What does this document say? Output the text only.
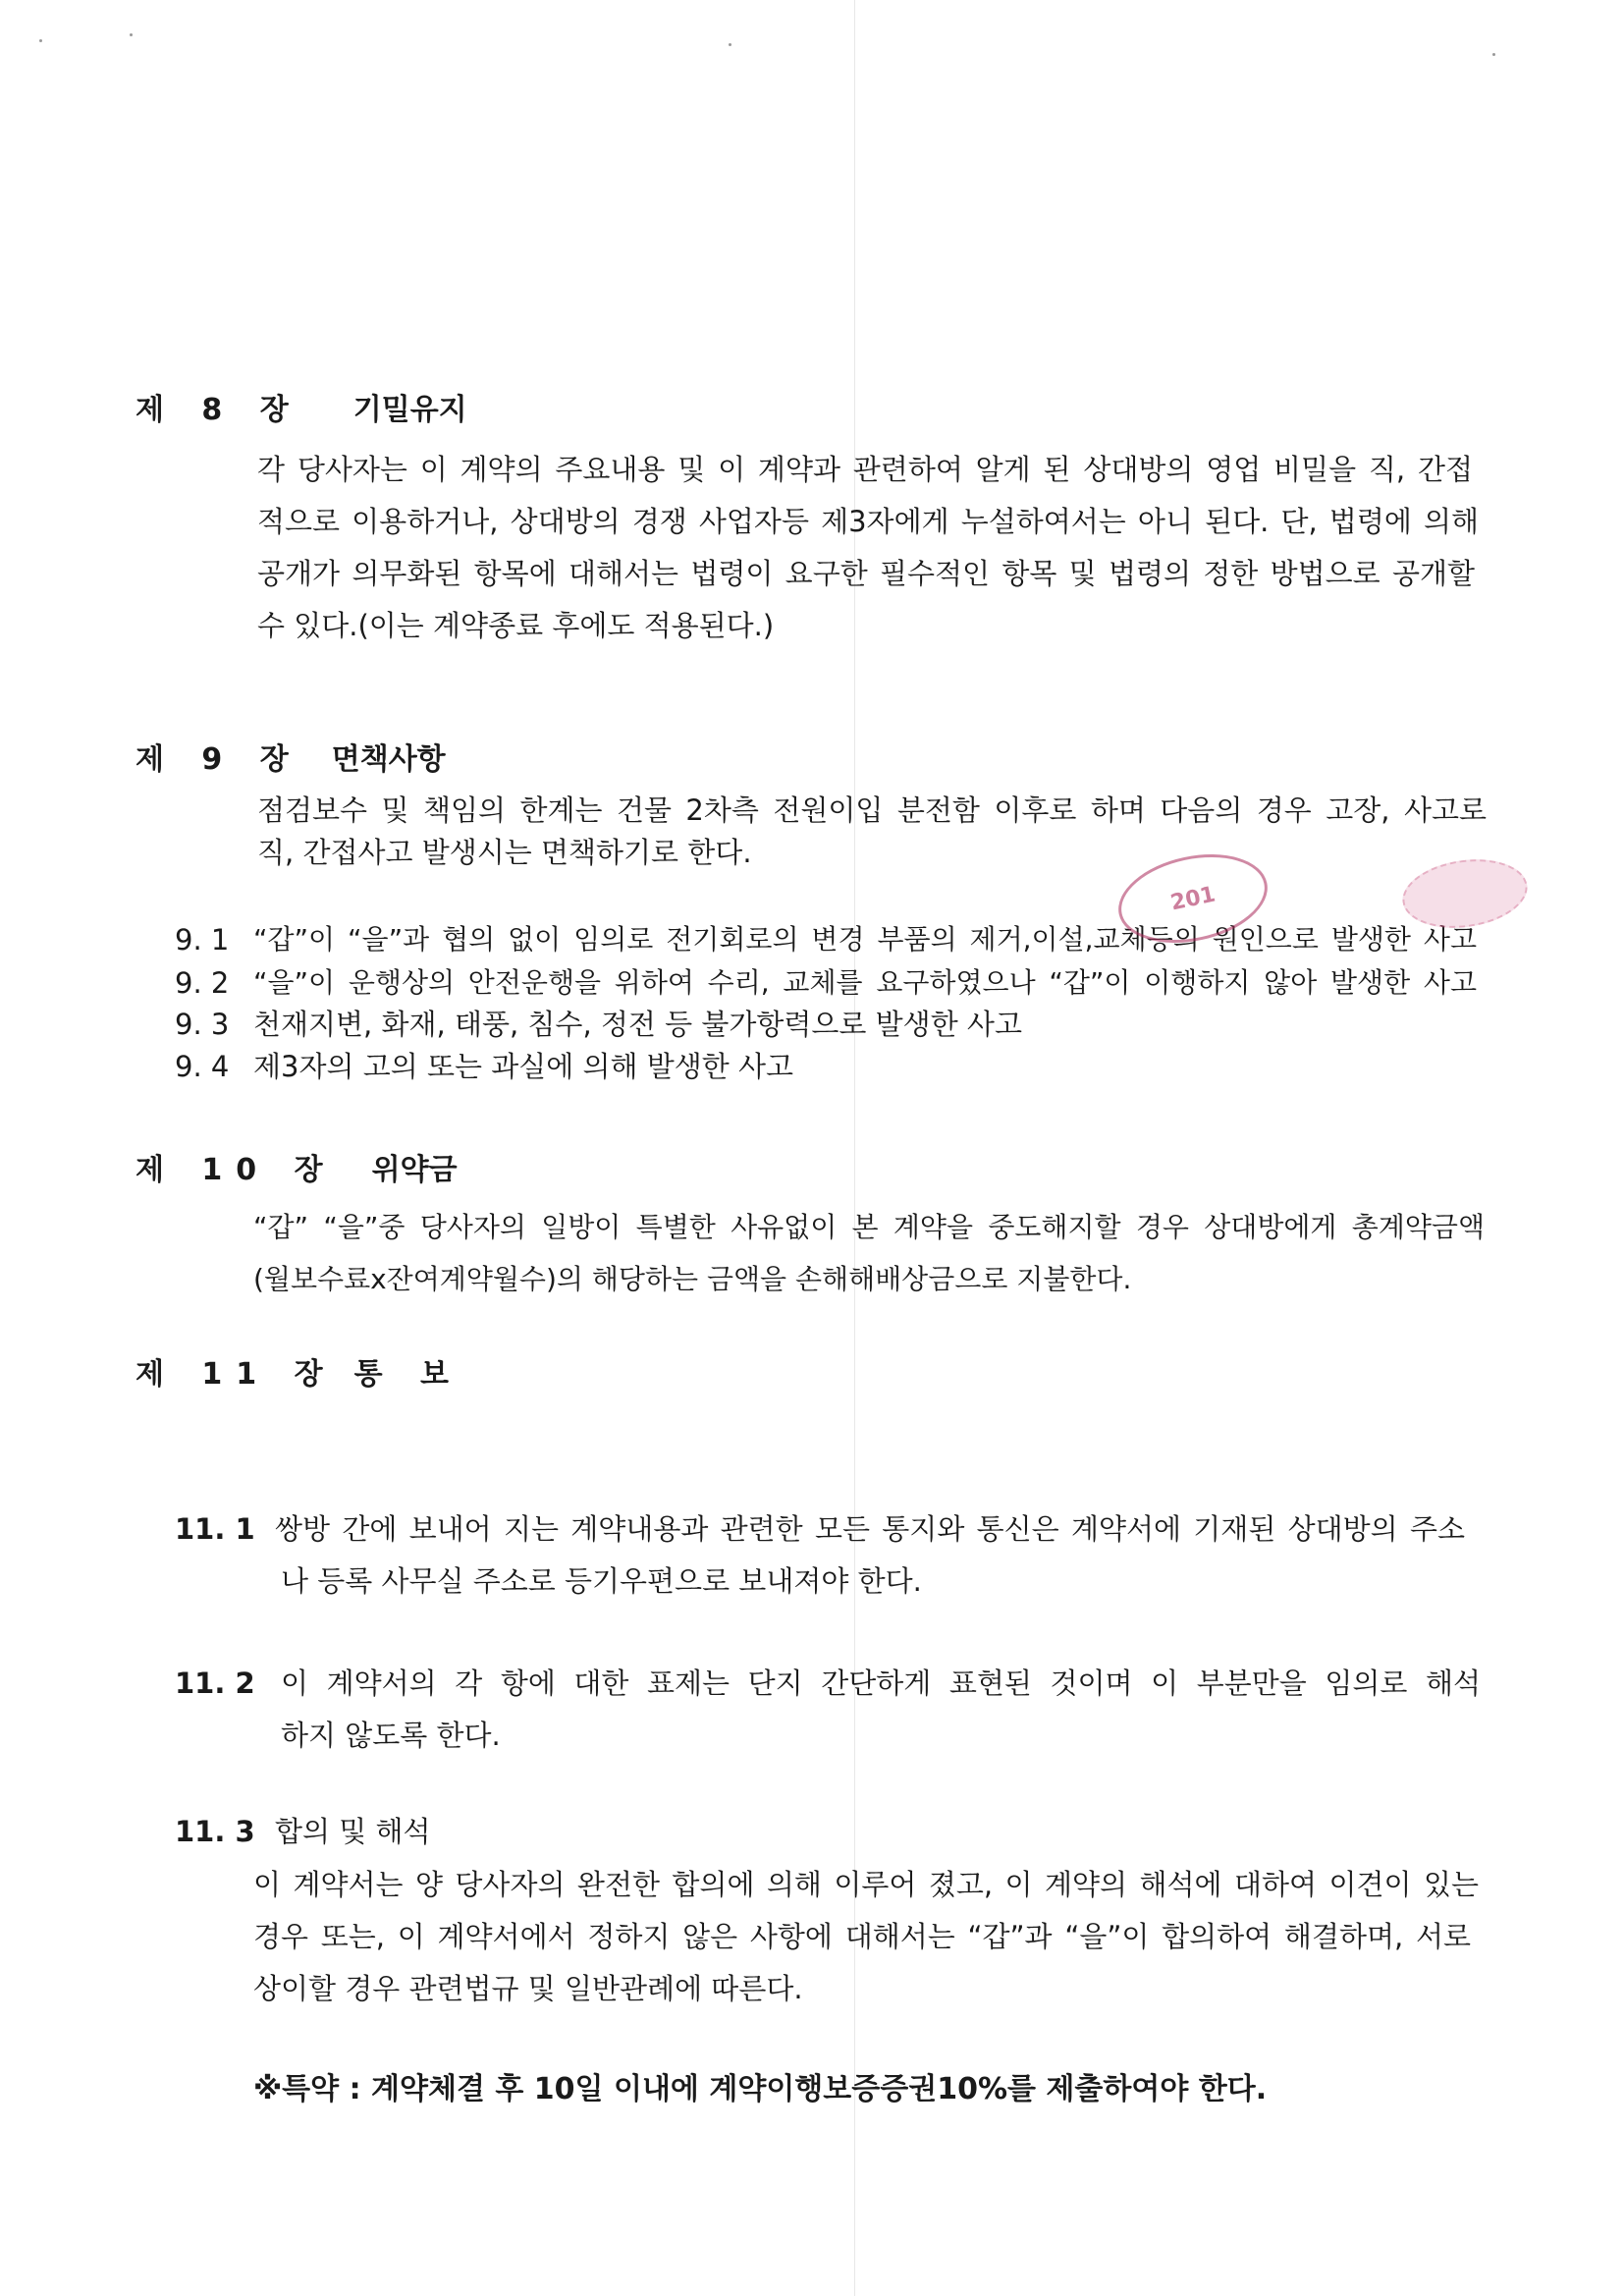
제 8 장 기밀유지
각 당사자는 이 계약의 주요내용 및 이 계약과 관련하여 알게 된 상대방의 영업 비밀을 직, 간접
적으로 이용하거나, 상대방의 경쟁 사업자등 제3자에게 누설하여서는 아니 된다. 단, 법령에 의해
공개가 의무화된 항목에 대해서는 법령이 요구한 필수적인 항목 및 법령의 정한 방법으로 공개할
수 있다.(이는 계약종료 후에도 적용된다.)
제 9 장 면책사항
점검보수 및 책임의 한계는 건물 2차측 전원이입 분전함 이후로 하며 다음의 경우 고장, 사고로
직, 간접사고 발생시는 면책하기로 한다.
9. 1 “갑”이 “을”과 협의 없이 임의로 전기회로의 변경 부품의 제거,이설,교체등의 원인으로 발생한 사고
9. 2 “을”이 운행상의 안전운행을 위하여 수리, 교체를 요구하였으나 “갑”이 이행하지 않아 발생한 사고
9. 3 천재지변, 화재, 태풍, 침수, 정전 등 불가항력으로 발생한 사고
9. 4 제3자의 고의 또는 과실에 의해 발생한 사고
201
제 10 장 위약금
“갑” “을”중 당사자의 일방이 특별한 사유없이 본 계약을 중도해지할 경우 상대방에게 총계약금액
(월보수료x잔여계약월수)의 해당하는 금액을 손해해배상금으로 지불한다.
제 11 장 통 보
11. 1 쌍방 간에 보내어 지는 계약내용과 관련한 모든 통지와 통신은 계약서에 기재된 상대방의 주소
나 등록 사무실 주소로 등기우편으로 보내져야 한다.
11. 2 이 계약서의 각 항에 대한 표제는 단지 간단하게 표현된 것이며 이 부분만을 임의로 해석
하지 않도록 한다.
11. 3 합의 및 해석
이 계약서는 양 당사자의 완전한 합의에 의해 이루어 졌고, 이 계약의 해석에 대하여 이견이 있는
경우 또는, 이 계약서에서 정하지 않은 사항에 대해서는 “갑”과 “을”이 합의하여 해결하며, 서로
상이할 경우 관련법규 및 일반관례에 따른다.
※특약 : 계약체결 후 10일 이내에 계약이행보증증권10%를 제출하여야 한다.
